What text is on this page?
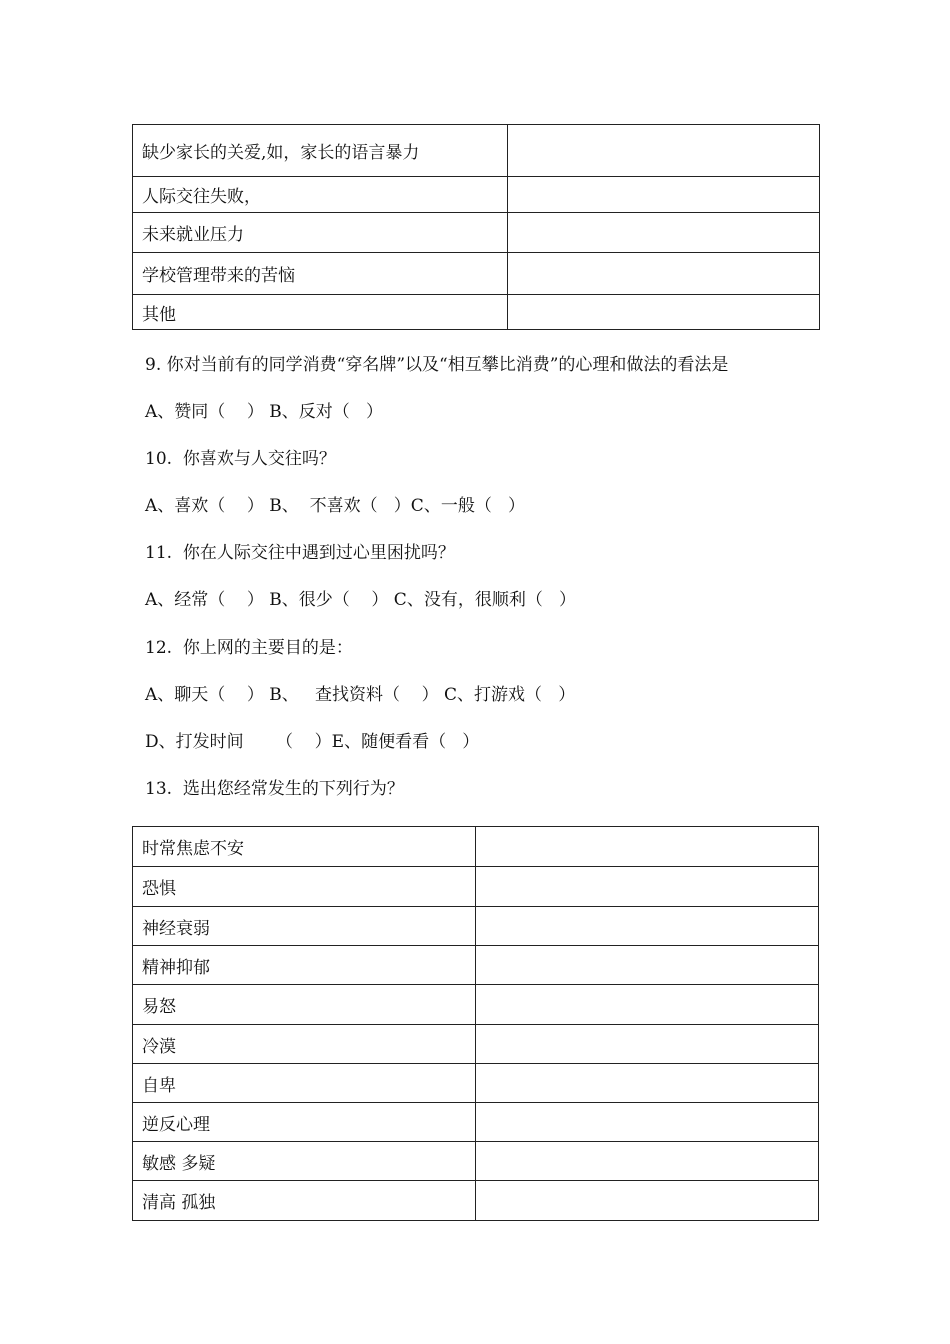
缺少家长的关爱,如，家长的语言暴力	
人际交往失败，	
未来就业压力	
学校管理带来的苦恼	
其他	
9. 你对当前有的同学消费“穿名牌”以及“相互攀比消费”的心理和做法的看法是
A、赞同（    ） B、反对（   ）
10.  你喜欢与人交往吗？
A、喜欢（    ） B、  不喜欢（   ）C、一般（   ）
11.  你在人际交往中遇到过心里困扰吗？
A、经常（    ） B、很少（    ） C、没有，很顺利（   ）
12.  你上网的主要目的是：
A、聊天（    ） B、   查找资料（    ） C、打游戏（   ）
D、打发时间      （    ）E、随便看看（   ）
13.  选出您经常发生的下列行为？
时常焦虑不安	
恐惧	
神经衰弱	
精神抑郁	
易怒	
冷漠	
自卑	
逆反心理	
敏感 多疑	
清高 孤独	
